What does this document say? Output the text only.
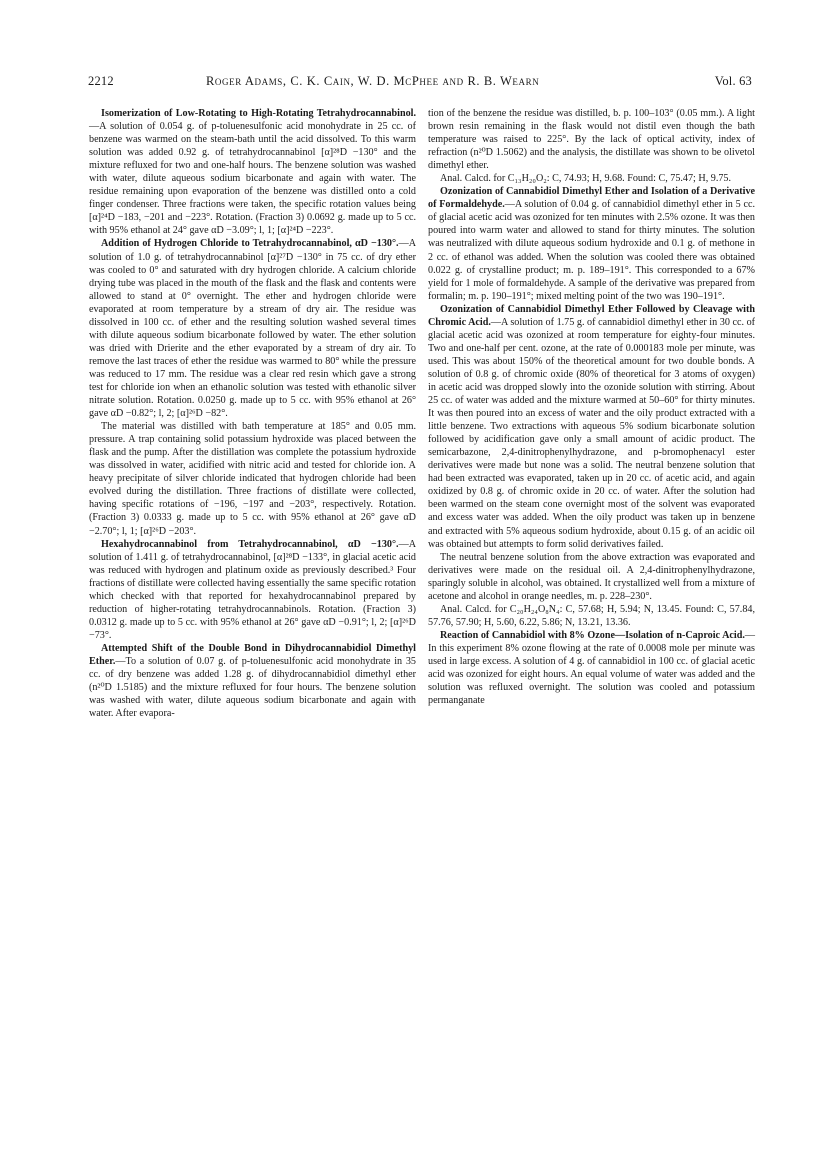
2212	Roger Adams, C. K. Cain, W. D. McPhee and R. B. Wearn	Vol. 63

Isomerization of Low-Rotating to High-Rotating Tetrahydrocannabinol.—A solution of 0.054 g. of p-toluenesulfonic acid monohydrate in 25 cc. of benzene was warmed on the steam-bath until the acid dissolved. To this warm solution was added 0.92 g. of tetrahydrocannabinol [α]²⁸D −130° and the mixture refluxed for two and one-half hours. The benzene solution was washed with water, dilute aqueous sodium bicarbonate and again with water. The residue remaining upon evaporation of the benzene was distilled onto a cold finger condenser. Three fractions were taken, the specific rotation values being [α]²⁴D −183, −201 and −223°. Rotation. (Fraction 3) 0.0692 g. made up to 5 cc. with 95% ethanol at 24° gave αD −3.09°; l, 1; [α]²⁴D −223°.

Addition of Hydrogen Chloride to Tetrahydrocannabinol, αD −130°.—A solution of 1.0 g. of tetrahydrocannabinol [α]²⁷D −130° in 75 cc. of dry ether was cooled to 0° and saturated with dry hydrogen chloride. A calcium chloride drying tube was placed in the mouth of the flask and the flask and contents were allowed to stand at 0° overnight. The ether and hydrogen chloride were evaporated at room temperature by a stream of dry air. The residue was dissolved in 100 cc. of ether and the resulting solution washed several times with dilute aqueous sodium bicarbonate followed by water. The ether solution was dried with Drierite and the ether evaporated by a stream of dry air. To remove the last traces of ether the residue was warmed to 80° while the pressure was reduced to 17 mm. The residue was a clear red resin which gave a strong test for chloride ion when an ethanolic solution was tested with ethanolic silver nitrate solution. Rotation. 0.0250 g. made up to 5 cc. with 95% ethanol at 26° gave αD −0.82°; l, 2; [α]²⁶D −82°.

The material was distilled with bath temperature at 185° and 0.05 mm. pressure. A trap containing solid potassium hydroxide was placed between the flask and the pump. After the distillation was complete the potassium hydroxide was dissolved in water, acidified with nitric acid and tested for chloride ion. A heavy precipitate of silver chloride indicated that hydrogen chloride had been evolved during the distillation. Three fractions of distillate were collected, having specific rotations of −196, −197 and −203°, respectively. Rotation. (Fraction 3) 0.0333 g. made up to 5 cc. with 95% ethanol at 26° gave αD −2.70°; l, 1; [α]²⁶D −203°.

Hexahydrocannabinol from Tetrahydrocannabinol, αD −130°.—A solution of 1.411 g. of tetrahydrocannabinol, [α]²⁸D −133°, in glacial acetic acid was reduced with hydrogen and platinum oxide as previously described.³ Four fractions of distillate were collected having essentially the same specific rotation which checked with that reported for hexahydrocannabinol prepared by reduction of higher-rotating tetrahydrocannabinols. Rotation. (Fraction 3) 0.0312 g. made up to 5 cc. with 95% ethanol at 26° gave αD −0.91°; l, 2; [α]²⁶D −73°.

Attempted Shift of the Double Bond in Dihydrocannabidiol Dimethyl Ether.—To a solution of 0.07 g. of p-toluenesulfonic acid monohydrate in 35 cc. of dry benzene was added 1.28 g. of dihydrocannabidiol dimethyl ether (n²⁰D 1.5185) and the mixture refluxed for four hours. The benzene solution was washed with water, dilute aqueous sodium bicarbonate and again with water. After evapora-

tion of the benzene the residue was distilled, b. p. 100–103° (0.05 mm.). A light brown resin remaining in the flask would not distil even though the bath temperature was raised to 225°. By the lack of optical activity, index of refraction (n²⁰D 1.5062) and the analysis, the distillate was shown to be olivetol dimethyl ether.

Anal. Calcd. for C₁₃H₂₀O₂: C, 74.93; H, 9.68. Found: C, 75.47; H, 9.75.

Ozonization of Cannabidiol Dimethyl Ether and Isolation of a Derivative of Formaldehyde.—A solution of 0.04 g. of cannabidiol dimethyl ether in 5 cc. of glacial acetic acid was ozonized for ten minutes with 2.5% ozone. It was then poured into warm water and allowed to stand for thirty minutes. The solution was neutralized with dilute aqueous sodium hydroxide and 0.1 g. of methone in 2 cc. of ethanol was added. When the solution was cooled there was obtained 0.022 g. of crystalline product; m. p. 189–191°. This corresponded to a 67% yield for 1 mole of formaldehyde. A sample of the derivative was prepared from formalin; m. p. 190–191°; mixed melting point of the two was 190–191°.

Ozonization of Cannabidiol Dimethyl Ether Followed by Cleavage with Chromic Acid.—A solution of 1.75 g. of cannabidiol dimethyl ether in 30 cc. of glacial acetic acid was ozonized at room temperature for eighty-four minutes. Two and one-half per cent. ozone, at the rate of 0.000183 mole per minute, was used. This was about 150% of the theoretical amount for two double bonds. A solution of 0.8 g. of chromic oxide (80% of theoretical for 3 atoms of oxygen) in acetic acid was dropped slowly into the ozonide solution with stirring. About 25 cc. of water was added and the mixture warmed at 50–60° for thirty minutes. It was then poured into an excess of water and the oily product extracted with a little benzene. Two extractions with aqueous 5% sodium bicarbonate solution followed by acidification gave only a small amount of acidic product. The semicarbazone, 2,4-dinitrophenylhydrazone, and p-bromophenacyl ester derivatives were made but none was a solid. The neutral benzene solution that had been extracted was evaporated, taken up in 20 cc. of acetic acid, and again oxidized by 0.8 g. of chromic oxide in 20 cc. of water. After the solution had been warmed on the steam cone overnight most of the solvent was evaporated and excess water was added. When the oily product was taken up in benzene and extracted with 5% aqueous sodium hydroxide, about 0.15 g. of an acidic oil was obtained but attempts to form solid derivatives failed.

The neutral benzene solution from the above extraction was evaporated and derivatives were made on the residual oil. A 2,4-dinitrophenylhydrazone, sparingly soluble in alcohol, was obtained. It crystallized well from a mixture of acetone and alcohol in orange needles, m. p. 228–230°.

Anal. Calcd. for C₂₀H₂₄O₈N₄: C, 57.68; H, 5.94; N, 13.45. Found: C, 57.84, 57.76, 57.90; H, 5.60, 6.22, 5.86; N, 13.21, 13.36.

Reaction of Cannabidiol with 8% Ozone—Isolation of n-Caproic Acid.—In this experiment 8% ozone flowing at the rate of 0.0008 mole per minute was used in large excess. A solution of 4 g. of cannabidiol in 100 cc. of glacial acetic acid was ozonized for eight hours. An equal volume of water was added and the solution was refluxed overnight. The solution was cooled and potassium permanganate
